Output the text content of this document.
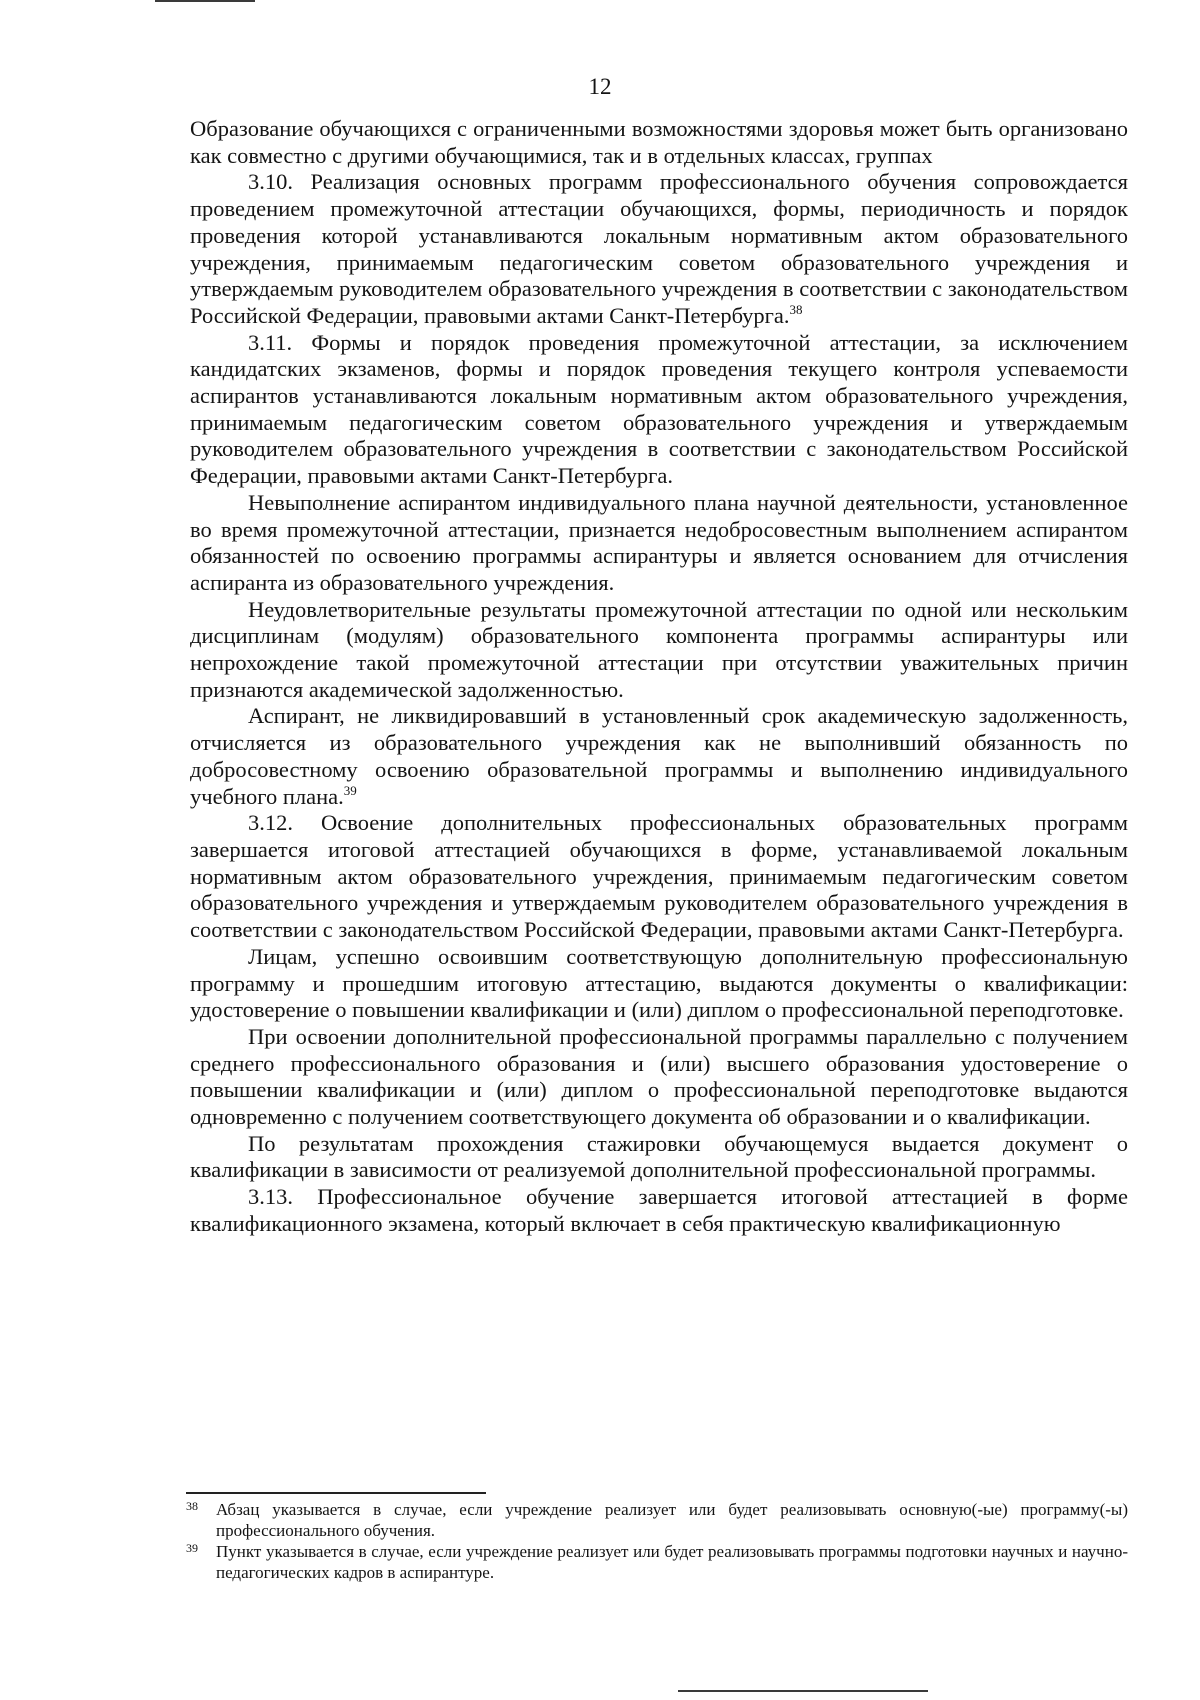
12

Образование обучающихся с ограниченными возможностями здоровья может быть организовано как совместно с другими обучающимися, так и в отдельных классах, группах

3.10. Реализация основных программ профессионального обучения сопровождается проведением промежуточной аттестации обучающихся, формы, периодичность и порядок проведения которой устанавливаются локальным нормативным актом образовательного учреждения, принимаемым педагогическим советом образовательного учреждения и утверждаемым руководителем образовательного учреждения в соответствии с законодательством Российской Федерации, правовыми актами Санкт-Петербурга.$^{38}$

3.11. Формы и порядок проведения промежуточной аттестации, за исключением кандидатских экзаменов, формы и порядок проведения текущего контроля успеваемости аспирантов устанавливаются локальным нормативным актом образовательного учреждения, принимаемым педагогическим советом образовательного учреждения и утверждаемым руководителем образовательного учреждения в соответствии с законодательством Российской Федерации, правовыми актами Санкт-Петербурга.

Невыполнение аспирантом индивидуального плана научной деятельности, установленное во время промежуточной аттестации, признается недобросовестным выполнением аспирантом обязанностей по освоению программы аспирантуры и является основанием для отчисления аспиранта из образовательного учреждения.

Неудовлетворительные результаты промежуточной аттестации по одной или нескольким дисциплинам (модулям) образовательного компонента программы аспирантуры или непрохождение такой промежуточной аттестации при отсутствии уважительных причин признаются академической задолженностью.

Аспирант, не ликвидировавший в установленный срок академическую задолженность, отчисляется из образовательного учреждения как не выполнивший обязанность по добросовестному освоению образовательной программы и выполнению индивидуального учебного плана.$^{39}$

3.12. Освоение дополнительных профессиональных образовательных программ завершается итоговой аттестацией обучающихся в форме, устанавливаемой локальным нормативным актом образовательного учреждения, принимаемым педагогическим советом образовательного учреждения и утверждаемым руководителем образовательного учреждения в соответствии с законодательством Российской Федерации, правовыми актами Санкт-Петербурга.

Лицам, успешно освоившим соответствующую дополнительную профессиональную программу и прошедшим итоговую аттестацию, выдаются документы о квалификации: удостоверение о повышении квалификации и (или) диплом о профессиональной переподготовке.

При освоении дополнительной профессиональной программы параллельно с получением среднего профессионального образования и (или) высшего образования удостоверение о повышении квалификации и (или) диплом о профессиональной переподготовке выдаются одновременно с получением соответствующего документа об образовании и о квалификации.

По результатам прохождения стажировки обучающемуся выдается документ о квалификации в зависимости от реализуемой дополнительной профессиональной программы.

3.13. Профессиональное обучение завершается итоговой аттестацией в форме квалификационного экзамена, который включает в себя практическую квалификационную

38 Абзац указывается в случае, если учреждение реализует или будет реализовывать основную(-ые) программу(-ы) профессионального обучения.
39 Пункт указывается в случае, если учреждение реализует или будет реализовывать программы подготовки научных и научно-педагогических кадров в аспирантуре.
